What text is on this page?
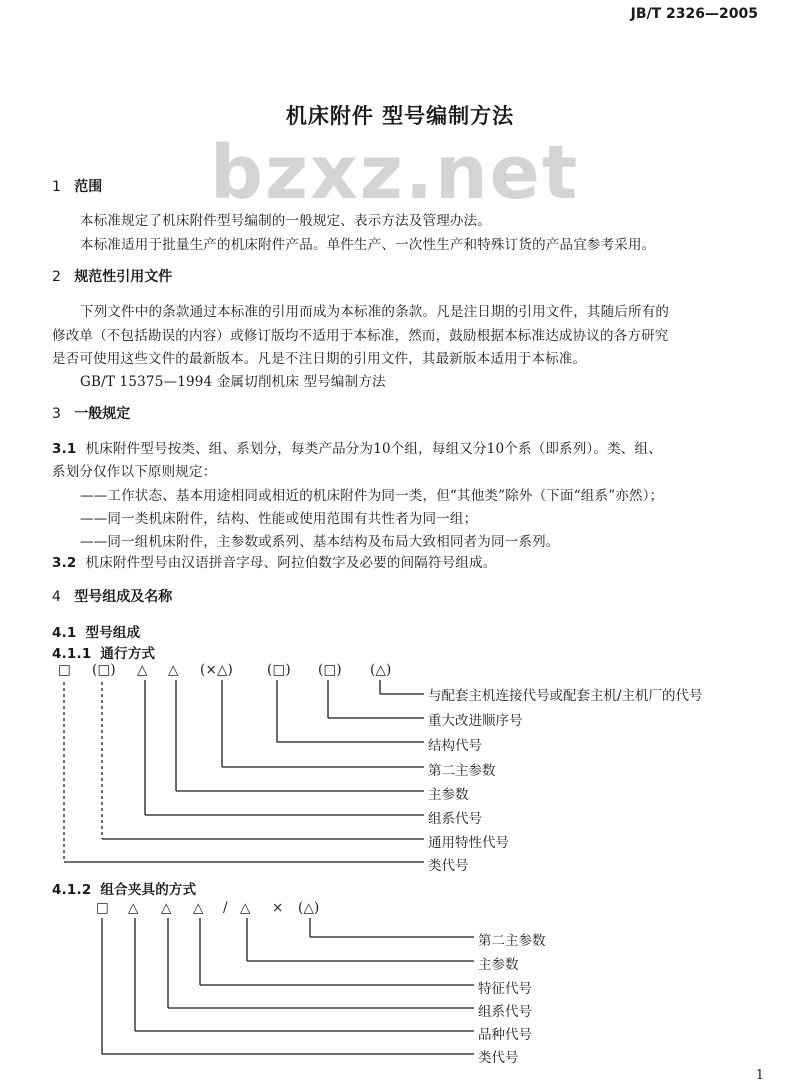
JB/T 2326—2005
bzxz.net
机床附件 型号编制方法
1 范围
本标准规定了机床附件型号编制的一般规定、表示方法及管理办法。
本标准适用于批量生产的机床附件产品。单件生产、一次性生产和特殊订货的产品宜参考采用。
2 规范性引用文件
下列文件中的条款通过本标准的引用而成为本标准的条款。凡是注日期的引用文件，其随后所有的
修改单（不包括勘误的内容）或修订版均不适用于本标准，然而，鼓励根据本标准达成协议的各方研究
是否可使用这些文件的最新版本。凡是不注日期的引用文件，其最新版本适用于本标准。
GB/T 15375—1994 金属切削机床 型号编制方法
3 一般规定
3.1 机床附件型号按类、组、系划分，每类产品分为10个组，每组又分10个系（即系列）。类、组、
系划分仅作以下原则规定：
——工作状态、基本用途相同或相近的机床附件为同一类，但“其他类”除外（下面“组系”亦然）；
——同一类机床附件，结构、性能或使用范围有共性者为同一组；
——同一组机床附件，主参数或系列、基本结构及布局大致相同者为同一系列。
3.2 机床附件型号由汉语拼音字母、阿拉伯数字及必要的间隔符号组成。
4 型号组成及名称
4.1 型号组成
4.1.1 通行方式
□ (□) △ △ (×△)	(□) (□) (△)
与配套主机连接代号或配套主机/主机厂的代号
重大改进顺序号
结构代号
第二主参数
主参数
组系代号
通用特性代号
类代号
4.1.2 组合夹具的方式
□ △ △ △ / △ × (△)
第二主参数
主参数
特征代号
组系代号
品种代号
类代号
1
